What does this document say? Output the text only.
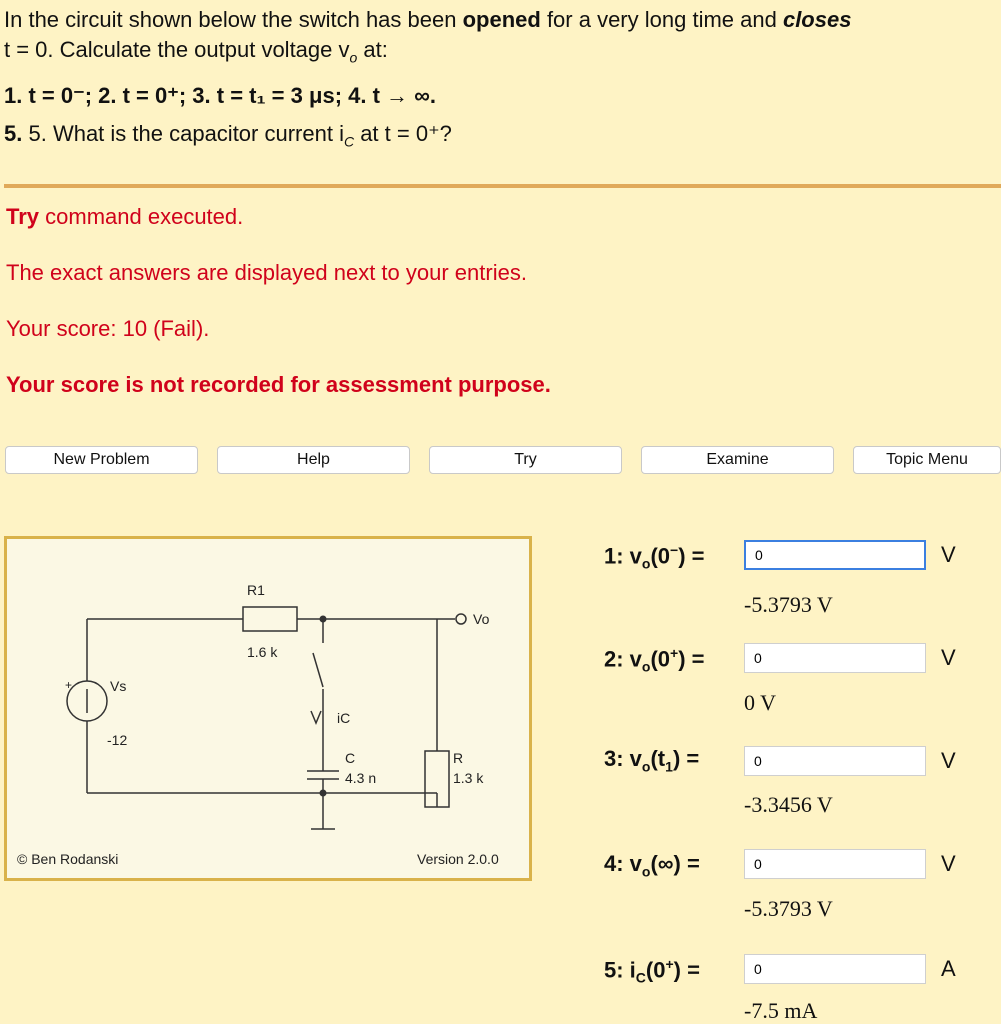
In the circuit shown below the switch has been opened for a very long time and closes
t = 0. Calculate the output voltage $v_o$ at:
1. t = 0⁻; 2. t = 0⁺; 3. t = t₁ = 3 μs; 4. t → ∞.
5. 5. What is the capacitor current $i_C$ at t = 0⁺?
Try command executed.
The exact answers are displayed next to your entries.
Your score: 10 (Fail).
Your score is not recorded for assessment purpose.
New Problem	Help	Try	Examine	Topic Menu
R1
1.6 k
Vs
+
-12
iC
C
4.3 n
R
1.3 k
Vo
© Ben Rodanski	Version 2.0.0
1: $v_o(0^-)$ =
0	V
-5.3793 V
2: $v_o(0^+)$ =
0	V
0 V
3: $v_o(t_1)$ =
0	V
-3.3456 V
4: $v_o(\infty)$ =
0	V
-5.3793 V
5: $i_C(0^+)$ =
0	A
-7.5 mA
